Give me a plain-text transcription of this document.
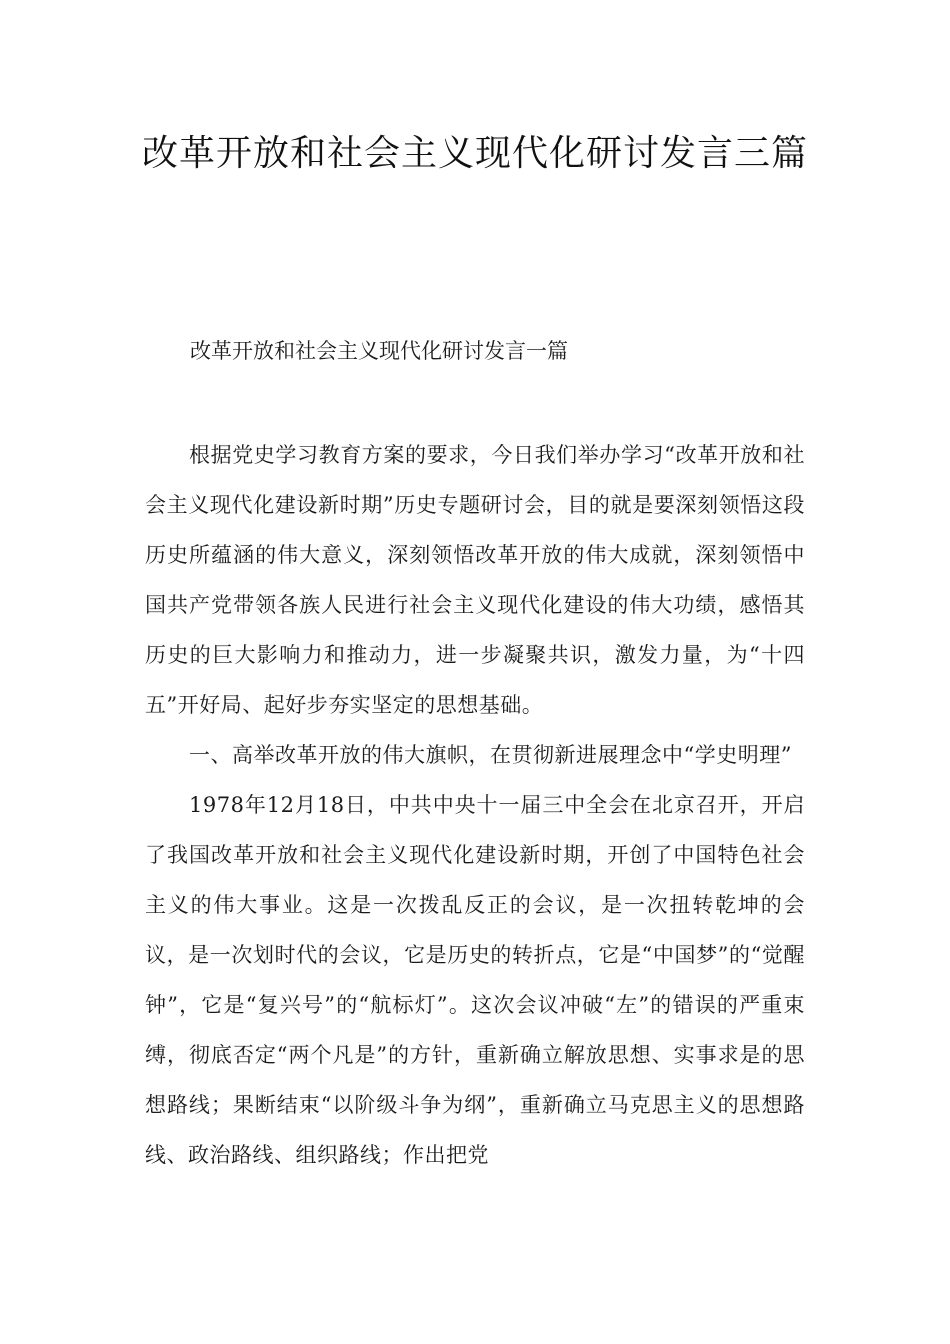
改革开放和社会主义现代化研讨发言三篇
改革开放和社会主义现代化研讨发言一篇

根据党史学习教育方案的要求，今日我们举办学习“改革开放和社会主义现代化建设新时期”历史专题研讨会，目的就是要深刻领悟这段历史所蕴涵的伟大意义，深刻领悟改革开放的伟大成就，深刻领悟中国共产党带领各族人民进行社会主义现代化建设的伟大功绩，感悟其历史的巨大影响力和推动力，进一步凝聚共识，激发力量，为“十四五”开好局、起好步夯实坚定的思想基础。

一、高举改革开放的伟大旗帜，在贯彻新进展理念中“学史明理”

1978年12月18日，中共中央十一届三中全会在北京召开，开启了我国改革开放和社会主义现代化建设新时期，开创了中国特色社会主义的伟大事业。这是一次拨乱反正的会议，是一次扭转乾坤的会议，是一次划时代的会议，它是历史的转折点，它是“中国梦”的“觉醒钟”，它是“复兴号”的“航标灯”。这次会议冲破“左”的错误的严重束缚，彻底否定“两个凡是”的方针，重新确立解放思想、实事求是的思想路线；果断结束“以阶级斗争为纲”，重新确立马克思主义的思想路线、政治路线、组织路线；作出把党
